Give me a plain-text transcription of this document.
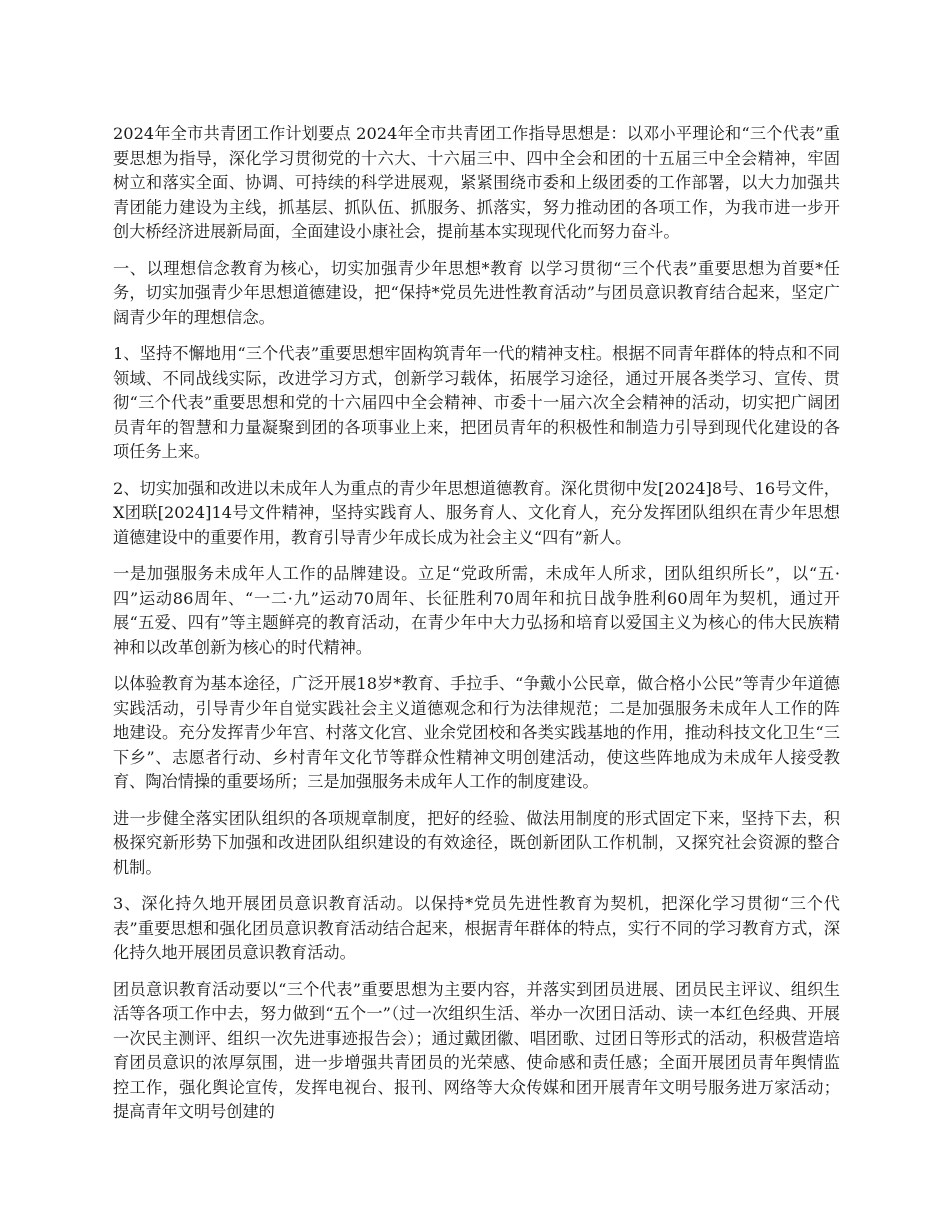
2024年全市共青团工作计划要点 2024年全市共青团工作指导思想是：以邓小平理论和“三个代表”重要思想为指导，深化学习贯彻党的十六大、十六届三中、四中全会和团的十五届三中全会精神，牢固树立和落实全面、协调、可持续的科学进展观，紧紧围绕市委和上级团委的工作部署，以大力加强共青团能力建设为主线，抓基层、抓队伍、抓服务、抓落实，努力推动团的各项工作，为我市进一步开创大桥经济进展新局面，全面建设小康社会，提前基本实现现代化而努力奋斗。

一、以理想信念教育为核心，切实加强青少年思想*教育 以学习贯彻“三个代表”重要思想为首要*任务，切实加强青少年思想道德建设，把“保持*党员先进性教育活动”与团员意识教育结合起来，坚定广阔青少年的理想信念。

1、坚持不懈地用“三个代表”重要思想牢固构筑青年一代的精神支柱。根据不同青年群体的特点和不同领域、不同战线实际，改进学习方式，创新学习载体，拓展学习途径，通过开展各类学习、宣传、贯彻“三个代表”重要思想和党的十六届四中全会精神、市委十一届六次全会精神的活动，切实把广阔团员青年的智慧和力量凝聚到团的各项事业上来，把团员青年的积极性和制造力引导到现代化建设的各项任务上来。

2、切实加强和改进以未成年人为重点的青少年思想道德教育。深化贯彻中发[2024]8号、16号文件，X团联[2024]14号文件精神，坚持实践育人、服务育人、文化育人，充分发挥团队组织在青少年思想道德建设中的重要作用，教育引导青少年成长成为社会主义“四有”新人。

一是加强服务未成年人工作的品牌建设。立足“党政所需，未成年人所求，团队组织所长”，以“五·四”运动86周年、“一二·九”运动70周年、长征胜利70周年和抗日战争胜利60周年为契机，通过开展“五爱、四有”等主题鲜亮的教育活动，在青少年中大力弘扬和培育以爱国主义为核心的伟大民族精神和以改革创新为核心的时代精神。

以体验教育为基本途径，广泛开展18岁*教育、手拉手、“争戴小公民章，做合格小公民”等青少年道德实践活动，引导青少年自觉实践社会主义道德观念和行为法律规范；二是加强服务未成年人工作的阵地建设。充分发挥青少年宫、村落文化宫、业余党团校和各类实践基地的作用，推动科技文化卫生“三下乡”、志愿者行动、乡村青年文化节等群众性精神文明创建活动，使这些阵地成为未成年人接受教育、陶冶情操的重要场所；三是加强服务未成年人工作的制度建设。

进一步健全落实团队组织的各项规章制度，把好的经验、做法用制度的形式固定下来，坚持下去，积极探究新形势下加强和改进团队组织建设的有效途径，既创新团队工作机制，又探究社会资源的整合机制。

3、深化持久地开展团员意识教育活动。以保持*党员先进性教育为契机，把深化学习贯彻“三个代表”重要思想和强化团员意识教育活动结合起来，根据青年群体的特点，实行不同的学习教育方式，深化持久地开展团员意识教育活动。

团员意识教育活动要以“三个代表”重要思想为主要内容，并落实到团员进展、团员民主评议、组织生活等各项工作中去，努力做到“五个一”（过一次组织生活、举办一次团日活动、读一本红色经典、开展一次民主测评、组织一次先进事迹报告会）；通过戴团徽、唱团歌、过团日等形式的活动，积极营造培育团员意识的浓厚氛围，进一步增强共青团员的光荣感、使命感和责任感；全面开展团员青年舆情监控工作，强化舆论宣传，发挥电视台、报刊、网络等大众传媒和团开展青年文明号服务进万家活动；提高青年文明号创建的
